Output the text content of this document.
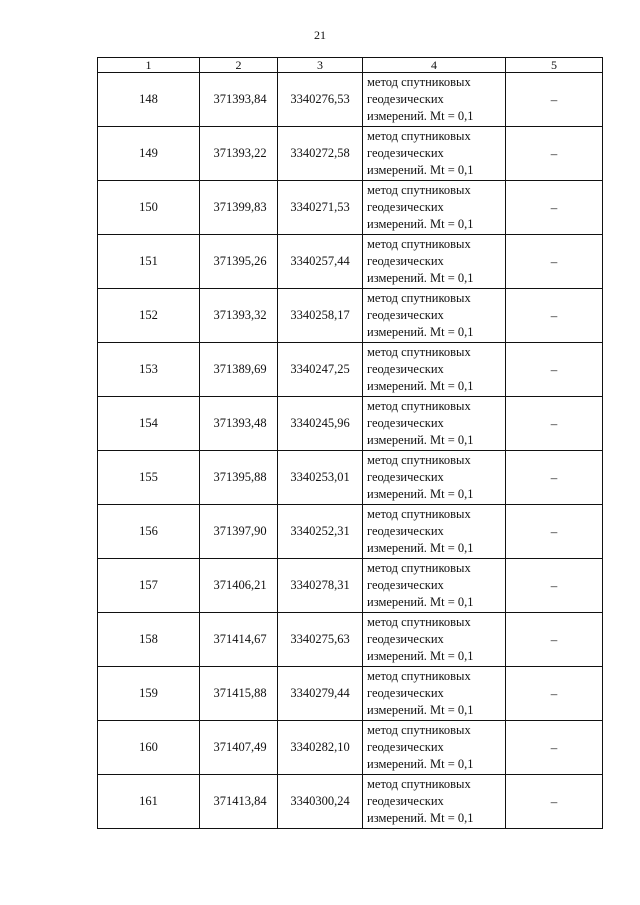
21
1	2	3	4	5
148	371393,84	3340276,53	метод спутниковых
геодезических
измерений. Mt = 0,1	–
149	371393,22	3340272,58	метод спутниковых
геодезических
измерений. Mt = 0,1	–
150	371399,83	3340271,53	метод спутниковых
геодезических
измерений. Mt = 0,1	–
151	371395,26	3340257,44	метод спутниковых
геодезических
измерений. Mt = 0,1	–
152	371393,32	3340258,17	метод спутниковых
геодезических
измерений. Mt = 0,1	–
153	371389,69	3340247,25	метод спутниковых
геодезических
измерений. Mt = 0,1	–
154	371393,48	3340245,96	метод спутниковых
геодезических
измерений. Mt = 0,1	–
155	371395,88	3340253,01	метод спутниковых
геодезических
измерений. Mt = 0,1	–
156	371397,90	3340252,31	метод спутниковых
геодезических
измерений. Mt = 0,1	–
157	371406,21	3340278,31	метод спутниковых
геодезических
измерений. Mt = 0,1	–
158	371414,67	3340275,63	метод спутниковых
геодезических
измерений. Mt = 0,1	–
159	371415,88	3340279,44	метод спутниковых
геодезических
измерений. Mt = 0,1	–
160	371407,49	3340282,10	метод спутниковых
геодезических
измерений. Mt = 0,1	–
161	371413,84	3340300,24	метод спутниковых
геодезических
измерений. Mt = 0,1	–
